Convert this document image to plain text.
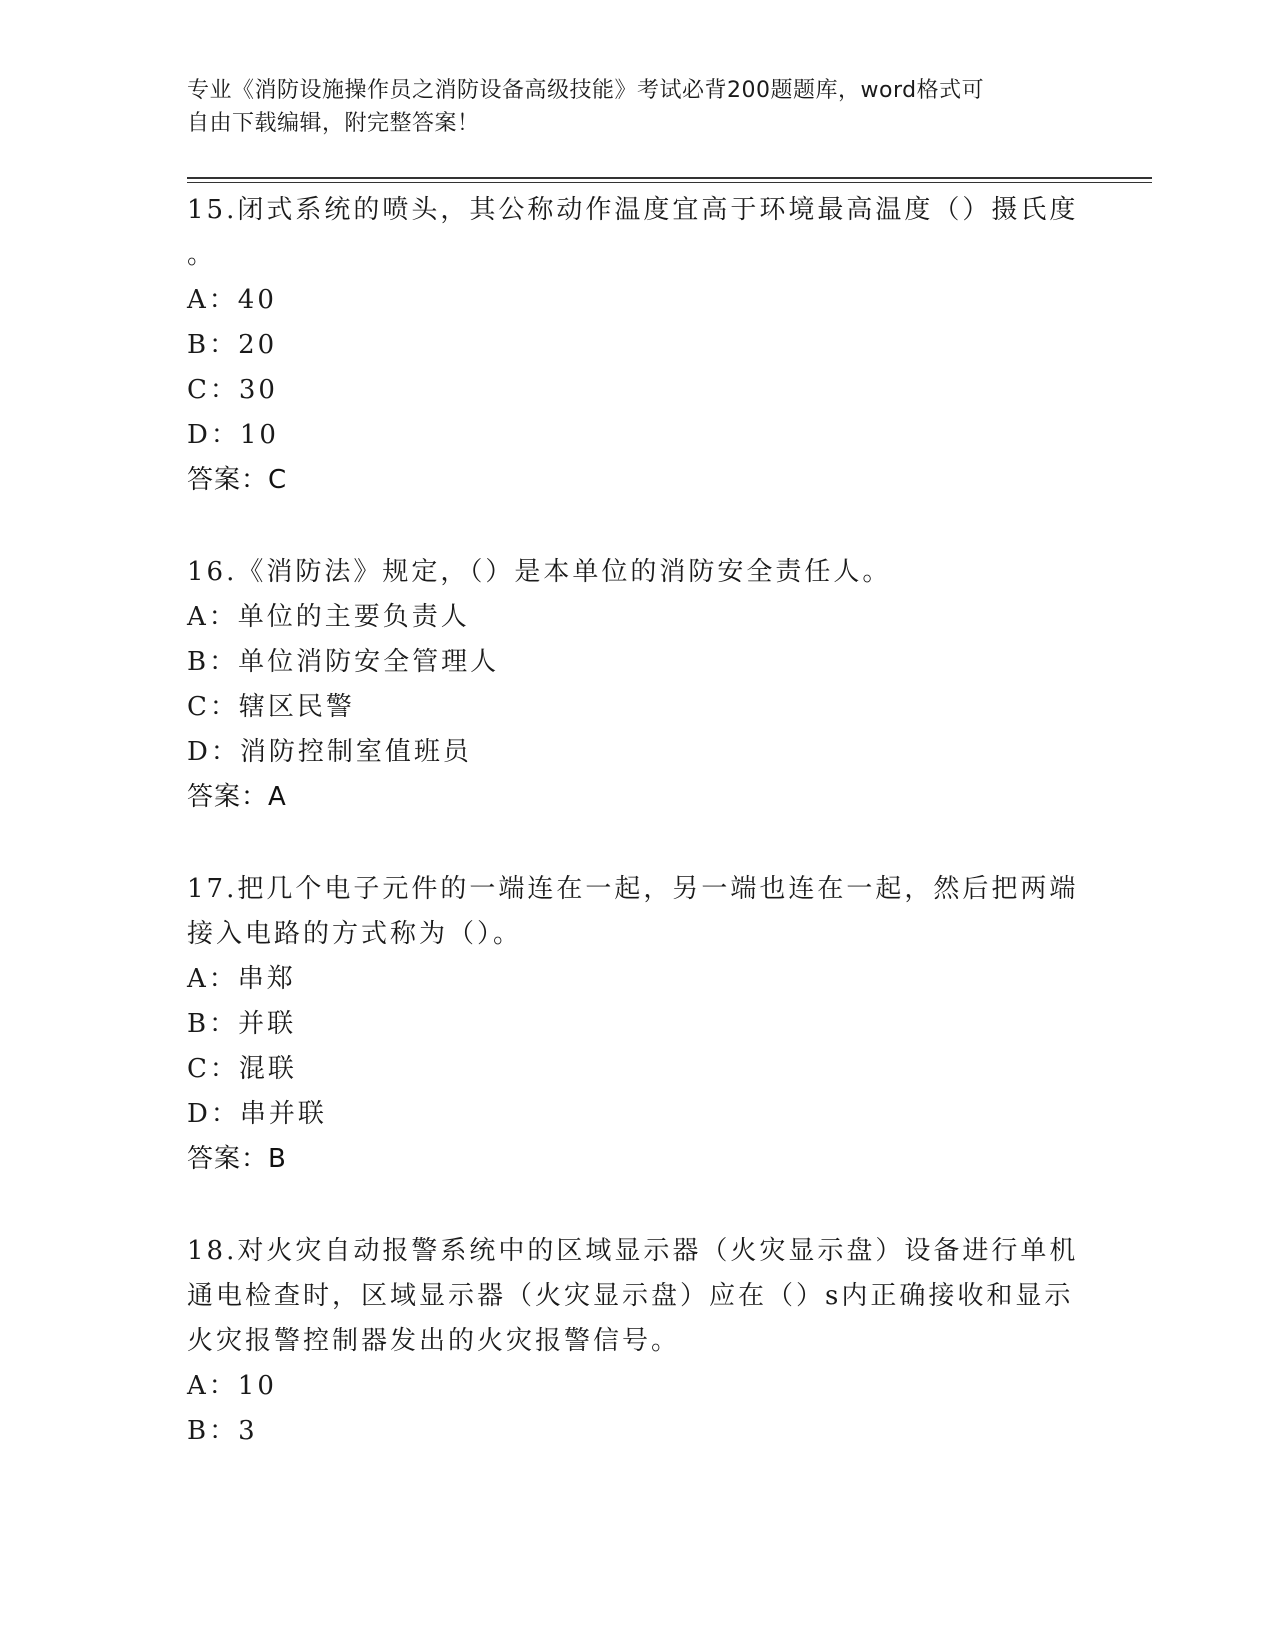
专业《消防设施操作员之消防设备高级技能》考试必背200题题库，word格式可
自由下载编辑，附完整答案！
15.闭式系统的喷头，其公称动作温度宜高于环境最高温度（）摄氏度
。
A：40
B：20
C：30
D：10
答案：C
16.《消防法》规定，（）是本单位的消防安全责任人。
A：单位的主要负责人
B：单位消防安全管理人
C：辖区民警
D：消防控制室值班员
答案：A
17.把几个电子元件的一端连在一起，另一端也连在一起，然后把两端
接入电路的方式称为（）。
A：串郑
B：并联
C：混联
D：串并联
答案：B
18.对火灾自动报警系统中的区域显示器（火灾显示盘）设备进行单机
通电检查时，区域显示器（火灾显示盘）应在（）s内正确接收和显示
火灾报警控制器发出的火灾报警信号。
A：10
B：3
